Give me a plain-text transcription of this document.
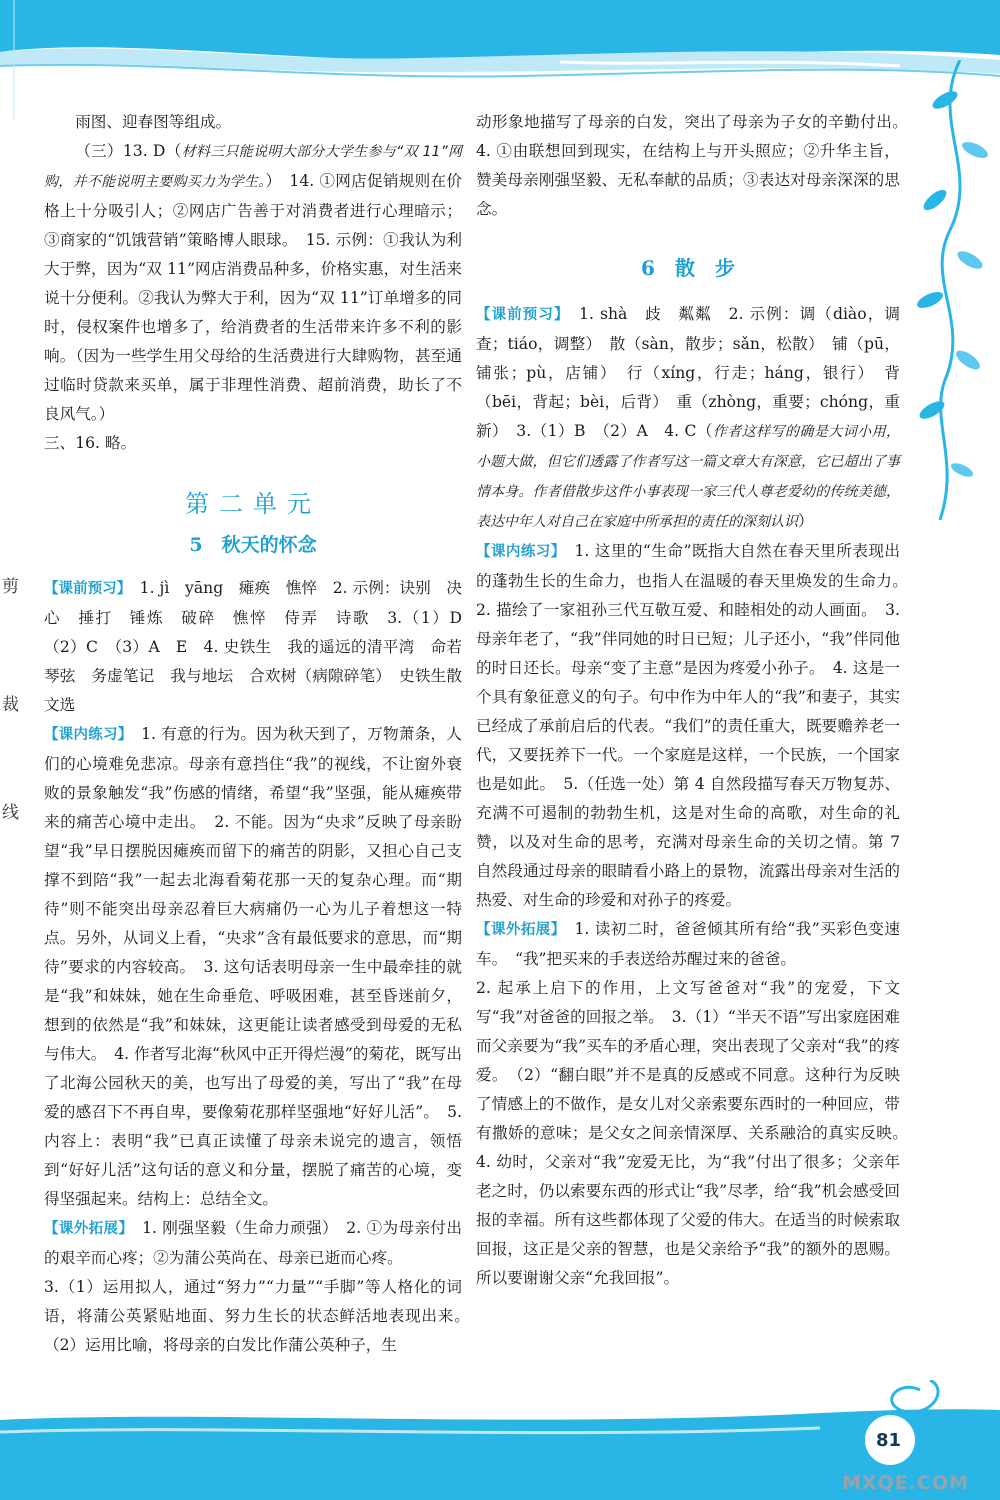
剪
裁
线

雨图、迎春图等组成。

（三）13. D（材料三只能说明大部分大学生参与“双 11”网购，并不能说明主要购买力为学生。）　14. ①网店促销规则在价格上十分吸引人；②网店广告善于对消费者进行心理暗示；③商家的“饥饿营销”策略博人眼球。　15. 示例：①我认为利大于弊，因为“双 11”网店消费品种多，价格实惠，对生活来说十分便利。②我认为弊大于利，因为“双 11”订单增多的同时，侵权案件也增多了，给消费者的生活带来许多不利的影响。（因为一些学生用父母给的生活费进行大肆购物，甚至通过临时贷款来买单，属于非理性消费、超前消费，助长了不良风气。）

三、16. 略。

第二单元
5　秋天的怀念

【课前预习】　1. jì　yāng　瘫痪　憔悴　2. 示例：诀别　决心　捶打　锤炼　破碎　憔悴　侍弄　诗歌　3.（1）D　（2）C　（3）A　E　4. 史铁生　我的遥远的清平湾　命若琴弦　务虚笔记　我与地坛　合欢树（病隙碎笔）　史铁生散文选

【课内练习】　1. 有意的行为。因为秋天到了，万物萧条，人们的心境难免悲凉。母亲有意挡住“我”的视线，不让窗外衰败的景象触发“我”伤感的情绪，希望“我”坚强，能从瘫痪带来的痛苦心境中走出。　2. 不能。因为“央求”反映了母亲盼望“我”早日摆脱因瘫痪而留下的痛苦的阴影，又担心自己支撑不到陪“我”一起去北海看菊花那一天的复杂心理。而“期待”则不能突出母亲忍着巨大病痛仍一心为儿子着想这一特点。另外，从词义上看，“央求”含有最低要求的意思，而“期待”要求的内容较高。　3. 这句话表明母亲一生中最牵挂的就是“我”和妹妹，她在生命垂危、呼吸困难，甚至昏迷前夕，想到的依然是“我”和妹妹，这更能让读者感受到母爱的无私与伟大。　4. 作者写北海“秋风中正开得烂漫”的菊花，既写出了北海公园秋天的美，也写出了母爱的美，写出了“我”在母爱的感召下不再自卑，要像菊花那样坚强地“好好儿活”。　5. 内容上：表明“我”已真正读懂了母亲未说完的遗言，领悟到“好好儿活”这句话的意义和分量，摆脱了痛苦的心境，变得坚强起来。结构上：总结全文。

【课外拓展】　1. 刚强坚毅（生命力顽强）　2. ①为母亲付出的艰辛而心疼；②为蒲公英尚在、母亲已逝而心疼。

3.（1）运用拟人，通过“努力”“力量”“手脚”等人格化的词语，将蒲公英紧贴地面、努力生长的状态鲜活地表现出来。　（2）运用比喻，将母亲的白发比作蒲公英种子，生

动形象地描写了母亲的白发，突出了母亲为子女的辛勤付出。　4. ①由联想回到现实，在结构上与开头照应；②升华主旨，赞美母亲刚强坚毅、无私奉献的品质；③表达对母亲深深的思念。

6　散　步

【课前预习】　1. shà　歧　粼粼　2. 示例：调（diào，调查；tiáo，调整）　散（sàn，散步；sǎn，松散）　铺（pū，铺张；pù，店铺）　行（xíng，行走；háng，银行）　背（bēi，背起；bèi，后背）　重（zhòng，重要；chóng，重新）　3.（1）B　（2）A　4. C（作者这样写的确是大词小用，小题大做，但它们透露了作者写这一篇文章大有深意，它已超出了事情本身。作者借散步这件小事表现一家三代人尊老爱幼的传统美德，表达中年人对自己在家庭中所承担的责任的深刻认识）

【课内练习】　1. 这里的“生命”既指大自然在春天里所表现出的蓬勃生长的生命力，也指人在温暖的春天里焕发的生命力。　2. 描绘了一家祖孙三代互敬互爱、和睦相处的动人画面。　3. 母亲年老了，“我”伴同她的时日已短；儿子还小，“我”伴同他的时日还长。母亲“变了主意”是因为疼爱小孙子。　4. 这是一个具有象征意义的句子。句中作为中年人的“我”和妻子，其实已经成了承前启后的代表。“我们”的责任重大，既要赡养老一代，又要抚养下一代。一个家庭是这样，一个民族，一个国家也是如此。　5.（任选一处）第 4 自然段描写春天万物复苏、充满不可遏制的勃勃生机，这是对生命的高歌，对生命的礼赞，以及对生命的思考，充满对母亲生命的关切之情。第 7 自然段通过母亲的眼睛看小路上的景物，流露出母亲对生活的热爱、对生命的珍爱和对孙子的疼爱。

【课外拓展】　1. 读初二时，爸爸倾其所有给“我”买彩色变速车。　“我”把买来的手表送给苏醒过来的爸爸。

2. 起承上启下的作用，上文写爸爸对“我”的宠爱，下文写“我”对爸爸的回报之举。　3.（1）“半天不语”写出家庭困难而父亲要为“我”买车的矛盾心理，突出表现了父亲对“我”的疼爱。　（2）“翻白眼”并不是真的反感或不同意。这种行为反映了情感上的不做作，是女儿对父亲索要东西时的一种回应，带有撒娇的意味；是父女之间亲情深厚、关系融洽的真实反映。　4. 幼时，父亲对“我”宠爱无比，为“我”付出了很多；父亲年老之时，仍以索要东西的形式让“我”尽孝，给“我”机会感受回报的幸福。所有这些都体现了父爱的伟大。在适当的时候索取回报，这正是父亲的智慧，也是父亲给予“我”的额外的恩赐。所以要谢谢父亲“允我回报”。

81
MXQE.COM
